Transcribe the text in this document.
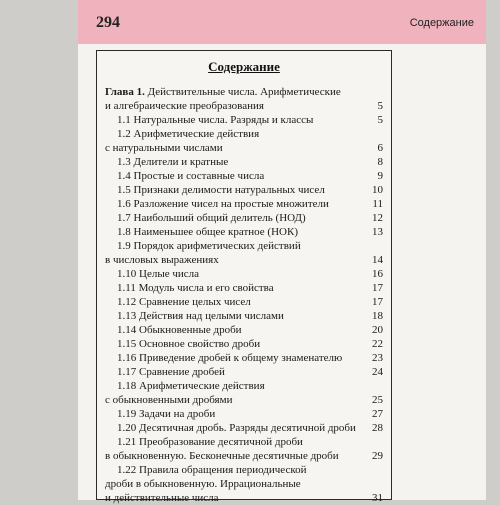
294	Содержание
Содержание
Глава 1. Действительные числа. Арифметические
и алгебраические преобразования	5
1.1 Натуральные числа. Разряды и классы	5
1.2 Арифметические действия
с натуральными числами	6
1.3 Делители и кратные	8
1.4 Простые и составные числа	9
1.5 Признаки делимости натуральных чисел	10
1.6 Разложение чисел на простые множители	11
1.7 Наибольший общий делитель (НОД)	12
1.8 Наименьшее общее кратное (НОК)	13
1.9 Порядок арифметических действий
в числовых выражениях	14
1.10 Целые числа	16
1.11 Модуль числа и его свойства	17
1.12 Сравнение целых чисел	17
1.13 Действия над целыми числами	18
1.14 Обыкновенные дроби	20
1.15 Основное свойство дроби	22
1.16 Приведение дробей к общему знаменателю	23
1.17 Сравнение дробей	24
1.18 Арифметические действия
с обыкновенными дробями	25
1.19 Задачи на дроби	27
1.20 Десятичная дробь. Разряды десятичной дроби 28
1.21 Преобразование десятичной дроби
в обыкновенную. Бесконечные десятичные дроби	29
1.22 Правила обращения периодической
дроби в обыкновенную. Иррациональные
и действительные числа	31
